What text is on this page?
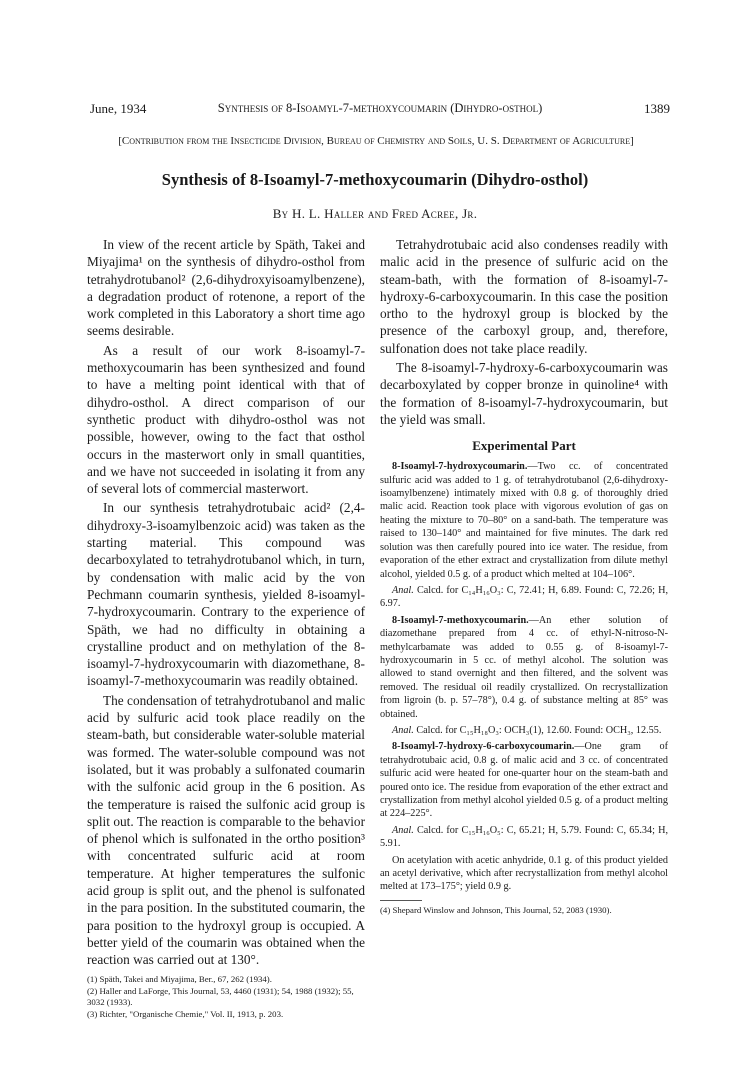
June, 1934	Synthesis of 8-Isoamyl-7-methoxycoumarin (Dihydro-osthol)	1389
[Contribution from the Insecticide Division, Bureau of Chemistry and Soils, U. S. Department of Agriculture]
Synthesis of 8-Isoamyl-7-methoxycoumarin (Dihydro-osthol)
By H. L. Haller and Fred Acree, Jr.

In view of the recent article by Späth, Takei and Miyajima¹ on the synthesis of dihydro-osthol from tetrahydrotubanol² (2,6-dihydroxyisoamylbenzene), a degradation product of rotenone, a report of the work completed in this Laboratory a short time ago seems desirable.

As a result of our work 8-isoamyl-7-methoxycoumarin has been synthesized and found to have a melting point identical with that of dihydro-osthol. A direct comparison of our synthetic product with dihydro-osthol was not possible, however, owing to the fact that osthol occurs in the masterwort only in small quantities, and we have not succeeded in isolating it from any of several lots of commercial masterwort.

In our synthesis tetrahydrotubaic acid² (2,4-dihydroxy-3-isoamylbenzoic acid) was taken as the starting material. This compound was decarboxylated to tetrahydrotubanol which, in turn, by condensation with malic acid by the von Pechmann coumarin synthesis, yielded 8-isoamyl-7-hydroxycoumarin. Contrary to the experience of Späth, we had no difficulty in obtaining a crystalline product and on methylation of the 8-isoamyl-7-hydroxycoumarin with diazomethane, 8-isoamyl-7-methoxycoumarin was readily obtained.

The condensation of tetrahydrotubanol and malic acid by sulfuric acid took place readily on the steam-bath, but considerable water-soluble material was formed. The water-soluble compound was not isolated, but it was probably a sulfonated coumarin with the sulfonic acid group in the 6 position. As the temperature is raised the sulfonic acid group is split out. The reaction is comparable to the behavior of phenol which is sulfonated in the ortho position³ with concentrated sulfuric acid at room temperature. At higher temperatures the sulfonic acid group is split out, and the phenol is sulfonated in the para position. In the substituted coumarin, the para position to the hydroxyl group is occupied. A better yield of the coumarin was obtained when the reaction was carried out at 130°.

(1) Späth, Takei and Miyajima, Ber., 67, 262 (1934).

(2) Haller and LaForge, This Journal, 53, 4460 (1931); 54, 1988 (1932); 55, 3032 (1933).

(3) Richter, "Organische Chemie," Vol. II, 1913, p. 203.

Tetrahydrotubaic acid also condenses readily with malic acid in the presence of sulfuric acid on the steam-bath, with the formation of 8-isoamyl-7-hydroxy-6-carboxycoumarin. In this case the position ortho to the hydroxyl group is blocked by the presence of the carboxyl group, and, therefore, sulfonation does not take place readily.

The 8-isoamyl-7-hydroxy-6-carboxycoumarin was decarboxylated by copper bronze in quinoline⁴ with the formation of 8-isoamyl-7-hydroxycoumarin, but the yield was small.

Experimental Part

8-Isoamyl-7-hydroxycoumarin.—Two cc. of concentrated sulfuric acid was added to 1 g. of tetrahydrotubanol (2,6-dihydroxy-isoamylbenzene) intimately mixed with 0.8 g. of thoroughly dried malic acid. Reaction took place with vigorous evolution of gas on heating the mixture to 70–80° on a sand-bath. The temperature was raised to 130–140° and maintained for five minutes. The dark red solution was then carefully poured into ice water. The residue, from evaporation of the ether extract and crystallization from dilute methyl alcohol, yielded 0.5 g. of a product which melted at 104–106°.

Anal. Calcd. for C₁₄H₁₆O₃: C, 72.41; H, 6.89. Found: C, 72.26; H, 6.97.

8-Isoamyl-7-methoxycoumarin.—An ether solution of diazomethane prepared from 4 cc. of ethyl-N-nitroso-N-methylcarbamate was added to 0.55 g. of 8-isoamyl-7-hydroxycoumarin in 5 cc. of methyl alcohol. The solution was allowed to stand overnight and then filtered, and the solvent was removed. The residual oil readily crystallized. On recrystallization from ligroin (b. p. 57–78°), 0.4 g. of substance melting at 85° was obtained.

Anal. Calcd. for C₁₅H₁₈O₃: OCH₃(1), 12.60. Found: OCH₃, 12.55.

8-Isoamyl-7-hydroxy-6-carboxycoumarin.—One gram of tetrahydrotubaic acid, 0.8 g. of malic acid and 3 cc. of concentrated sulfuric acid were heated for one-quarter hour on the steam-bath and poured onto ice. The residue from evaporation of the ether extract and crystallization from methyl alcohol yielded 0.5 g. of a product melting at 224–225°.

Anal. Calcd. for C₁₅H₁₆O₅: C, 65.21; H, 5.79. Found: C, 65.34; H, 5.91.

On acetylation with acetic anhydride, 0.1 g. of this product yielded an acetyl derivative, which after recrystallization from methyl alcohol melted at 173–175°; yield 0.9 g.

(4) Shepard Winslow and Johnson, This Journal, 52, 2083 (1930).
